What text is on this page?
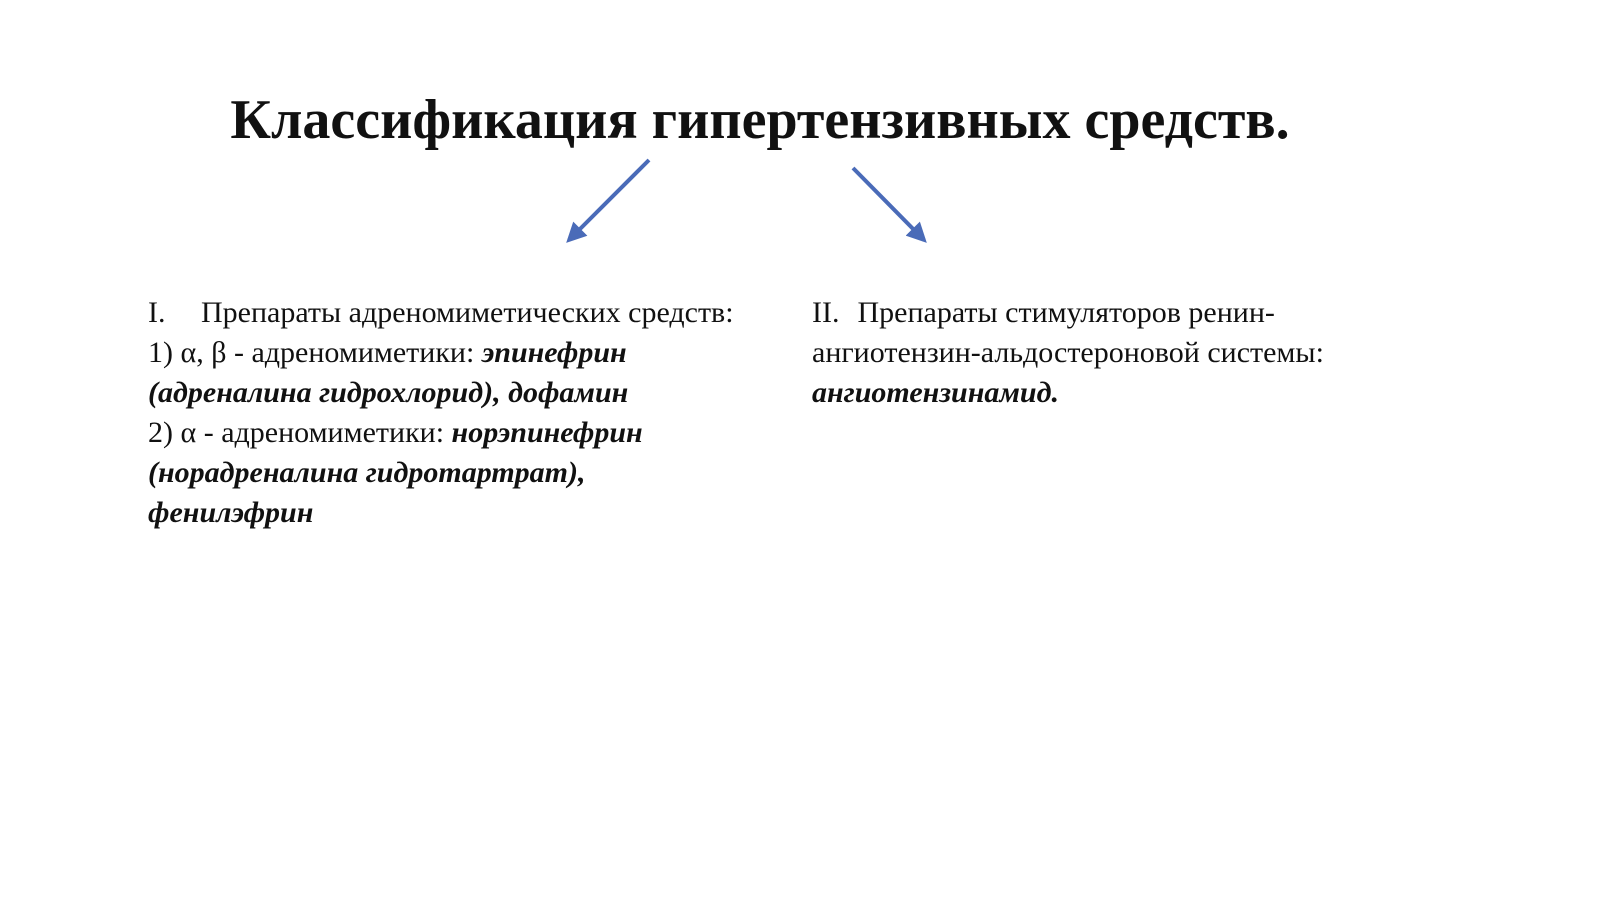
Классификация гипертензивных средств.
I.	Препараты адреномиметических средств:
1) α, β - адреномиметики: эпинефрин (адреналина гидрохлорид), дофамин
2) α - адреномиметики: норэпинефрин (норадреналина гидротартрат), фенилэфрин
II. Препараты стимуляторов ренин-ангиотензин-альдостероновой системы: ангиотензинамид.
